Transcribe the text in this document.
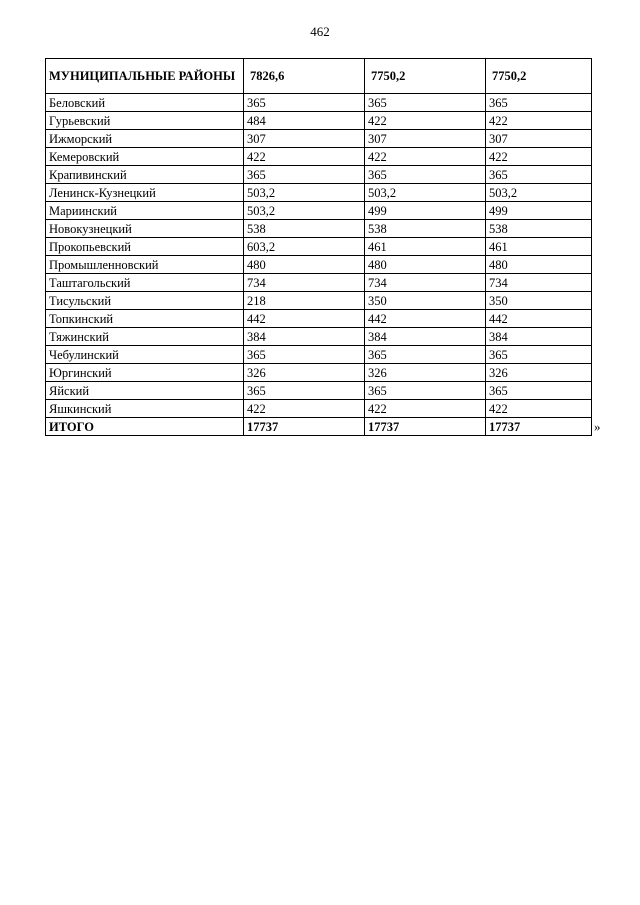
462
МУНИЦИПАЛЬНЫЕ РАЙОНЫ	7826,6	7750,2	7750,2
Беловский	365	365	365
Гурьевский	484	422	422
Ижморский	307	307	307
Кемеровский	422	422	422
Крапивинский	365	365	365
Ленинск-Кузнецкий	503,2	503,2	503,2
Мариинский	503,2	499	499
Новокузнецкий	538	538	538
Прокопьевский	603,2	461	461
Промышленновский	480	480	480
Таштагольский	734	734	734
Тисульский	218	350	350
Топкинский	442	442	442
Тяжинский	384	384	384
Чебулинский	365	365	365
Юргинский	326	326	326
Яйский	365	365	365
Яшкинский	422	422	422
ИТОГО	17737	17737	17737	»
